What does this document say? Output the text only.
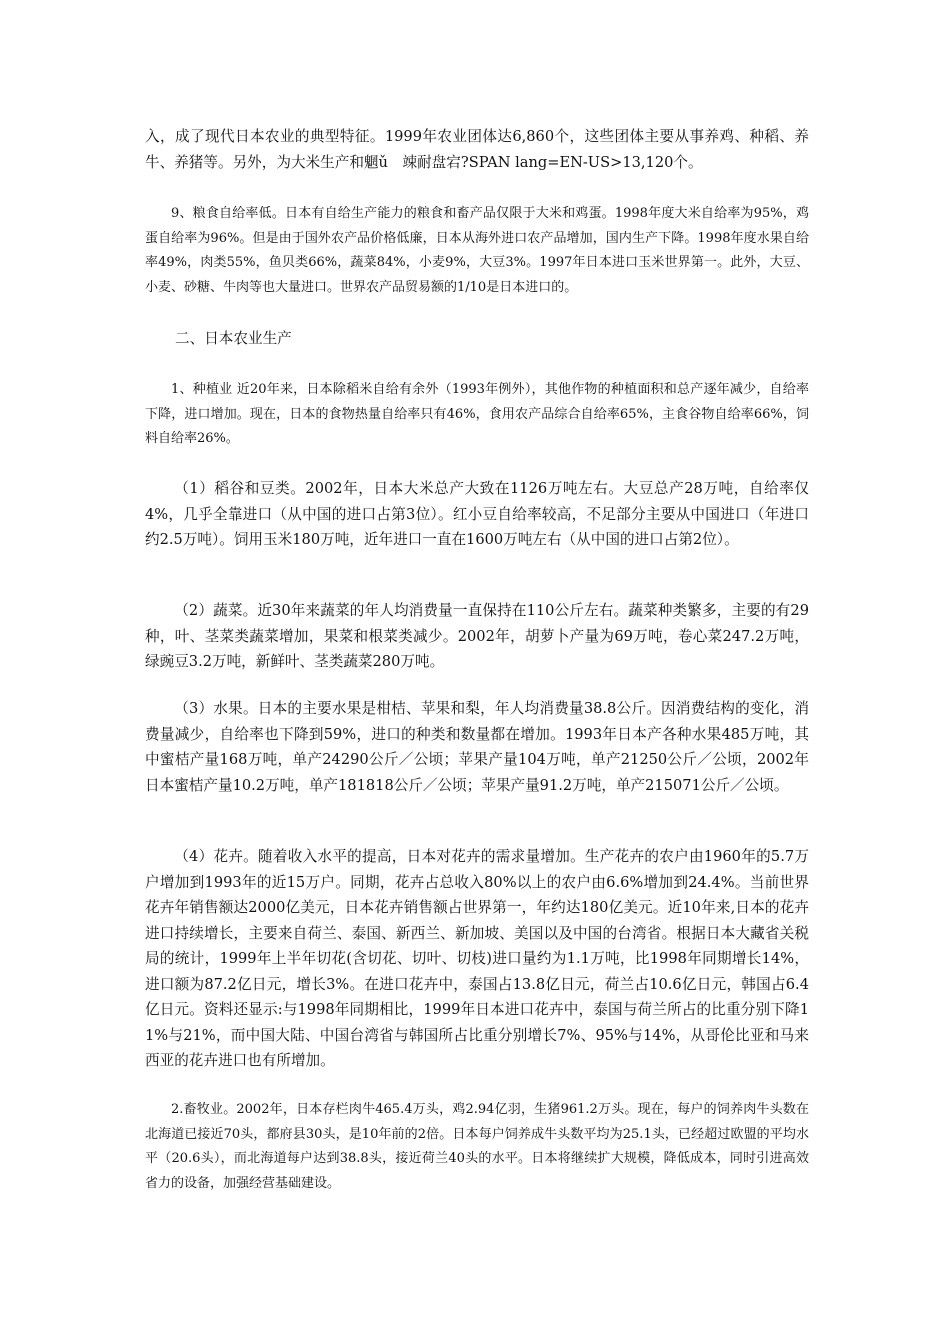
入，成了现代日本农业的典型特征。1999年农业团体达6,860个，这些团体主要从事养鸡、种稻、养牛、养猪等。另外，为大米生产和魍ǔ　竦耐盘宕?SPAN lang=EN-US>13,120个。

9、粮食自给率低。日本有自给生产能力的粮食和畜产品仅限于大米和鸡蛋。1998年度大米自给率为95%，鸡蛋自给率为96%。但是由于国外农产品价格低廉，日本从海外进口农产品增加，国内生产下降。1998年度水果自给率49%，肉类55%，鱼贝类66%，蔬菜84%，小麦9%，大豆3%。1997年日本进口玉米世界第一。此外，大豆、小麦、砂糖、牛肉等也大量进口。世界农产品贸易额的1/10是日本进口的。

二、日本农业生产

1、种植业 近20年来，日本除稻米自给有余外（1993年例外），其他作物的种植面积和总产逐年减少，自给率下降，进口增加。现在，日本的食物热量自给率只有46%，食用农产品综合自给率65%，主食谷物自给率66%，饲料自给率26%。

（1）稻谷和豆类。2002年，日本大米总产大致在1126万吨左右。大豆总产28万吨，自给率仅4%，几乎全靠进口（从中国的进口占第3位）。红小豆自给率较高，不足部分主要从中国进口（年进口约2.5万吨）。饲用玉米180万吨，近年进口一直在1600万吨左右（从中国的进口占第2位）。

（2）蔬菜。近30年来蔬菜的年人均消费量一直保持在110公斤左右。蔬菜种类繁多，主要的有29种，叶、茎菜类蔬菜增加，果菜和根菜类减少。2002年，胡萝卜产量为69万吨，卷心菜247.2万吨，绿豌豆3.2万吨，新鲜叶、茎类蔬菜280万吨。

（3）水果。日本的主要水果是柑桔、苹果和梨，年人均消费量38.8公斤。因消费结构的变化，消费量减少，自给率也下降到59%，进口的种类和数量都在增加。1993年日本产各种水果485万吨，其中蜜桔产量168万吨，单产24290公斤／公顷；苹果产量104万吨，单产21250公斤／公顷，2002年日本蜜桔产量10.2万吨，单产181818公斤／公顷；苹果产量91.2万吨，单产215071公斤／公顷。

（4）花卉。随着收入水平的提高，日本对花卉的需求量增加。生产花卉的农户由1960年的5.7万户增加到1993年的近15万户。同期，花卉占总收入80%以上的农户由6.6%增加到24.4%。当前世界花卉年销售额达2000亿美元，日本花卉销售额占世界第一，年约达180亿美元。近10年来,日本的花卉进口持续增长，主要来自荷兰、泰国、新西兰、新加坡、美国以及中国的台湾省。根据日本大藏省关税局的统计，1999年上半年切花(含切花、切叶、切枝)进口量约为1.1万吨，比1998年同期增长14%，进口额为87.2亿日元，增长3%。在进口花卉中，泰国占13.8亿日元，荷兰占10.6亿日元，韩国占6.4亿日元。资料还显示:与1998年同期相比，1999年日本进口花卉中，泰国与荷兰所占的比重分别下降11%与21%，而中国大陆、中国台湾省与韩国所占比重分别增长7%、95%与14%，从哥伦比亚和马来西亚的花卉进口也有所增加。

2.畜牧业。2002年，日本存栏肉牛465.4万头，鸡2.94亿羽，生猪961.2万头。现在，每户的饲养肉牛头数在北海道已接近70头，都府县30头，是10年前的2倍。日本每户饲养成牛头数平均为25.1头，已经超过欧盟的平均水平（20.6头），而北海道每户达到38.8头，接近荷兰40头的水平。日本将继续扩大规模，降低成本，同时引进高效省力的设备，加强经营基础建设。
